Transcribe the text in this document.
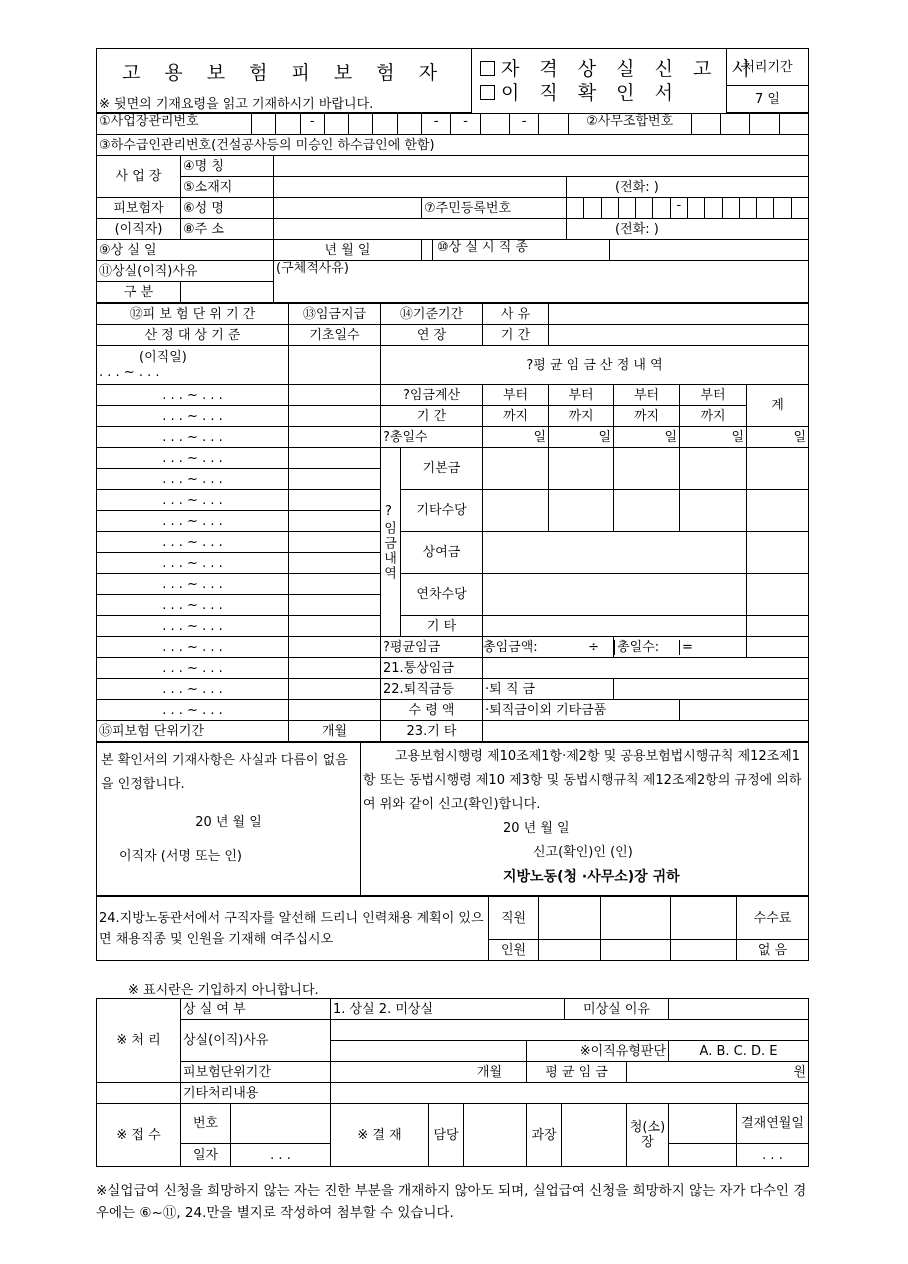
고 용 보 험 피 보 험 자	자 격 상 실 신 고 서
이 직 확 인 서
	처리기간
7 일
※ 뒷면의 기재요령을 읽고 기재하시기 바랍니다.
①사업장관리번호 -			- - - ②사무조합번호	

③하수급인관리번호(건설공사등의 미승인 하수급인에 한함)				
사 업 장	④명 칭			
	⑤소재지			(전화: )
피보험자	⑥성 명		⑦주민등록번호	-

(이직자)	⑧주 소			(전화: )
⑨상 실 일		년 월 일	⑩상 실 시 직 종	

⑪상실(이직)사유		(구체적사유)		
구 분				
⑫피 보 험 단 위 기 간	⑬임금지급	⑭기준기간		사 유				
산 정 대 상 기 준	기초일수	연 장		기 간				

(이직일)
. . . ~ . . .		?평 균 임 금 산 정 내 역						
. . . ~ . . .		?임금계산		부터	부터	부터	부터	계
. . . ~ . . .		기 간		까지	까지	까지	까지	
. . . ~ . . .		?총일수		일	일	일	일	일
. . . ~ . . .		?임금내역	기본금					
. . . ~ . . .								
. . . ~ . . .			기타수당					
. . . ~ . . .								
. . . ~ . . .			상여금					
. . . ~ . . .								
. . . ~ . . .			연차수당					
. . . ~ . . .								
. . . ~ . . .			기 타					
. . . ~ . . .		?평균임금		총임금액: ÷		총일수: =		

. . . ~ . . .		21.통상임금						
. . . ~ . . .		22.퇴직금등		·퇴 직 금				
. . . ~ . . .		수 령 액		·퇴직금이외 기타금품				
⑮피보험 단위기간	개월	23.기 타						
본 확인서의 기재사항은 사실과 다름이 없음을 인정합니다.
20 년 월 일
이직자 (서명 또는 인)

고용보험시행령 제10조제1항·제2항 및 공용보험법시행규칙 제12조제1항 또는 동법시행령 제10 제3항 및 동법시행규칙 제12조제2항의 규정에 의하여 위와 같이 신고(확인)합니다.
20 년 월 일
신고(확인)인 (인)
지방노동(청 ·사무소)장 귀하
24.지방노동관서에서 구직자를 알선해 드리니 인력채용 계획이 있으면 채용직종 및 인원을 기재해 여주십시오	직원				수수료
	인원				없 음
※ 표시란은 기입하지 아니합니다.
※ 처 리	상 실 여 부		1. 상실 2. 미상실			미상실 이유			
	상실(이직)사유								
					※이직유형판단			A. B. C. D. E	
	피보험단위기간		개월		평 균 임 금		원		
	기타처리내용								
※ 접 수	번호		※ 결 재	담당	과장		청(소)장		결재연월일
	일자	. . .							. . .
※실업급여 신청을 희망하지 않는 자는 진한 부분을 개재하지 않아도 되며, 실업급여 신청을 희망하지 않는 자가 다수인 경우에는 ⑥~⑪, 24.만을 별지로 작성하여 첨부할 수 있습니다.
